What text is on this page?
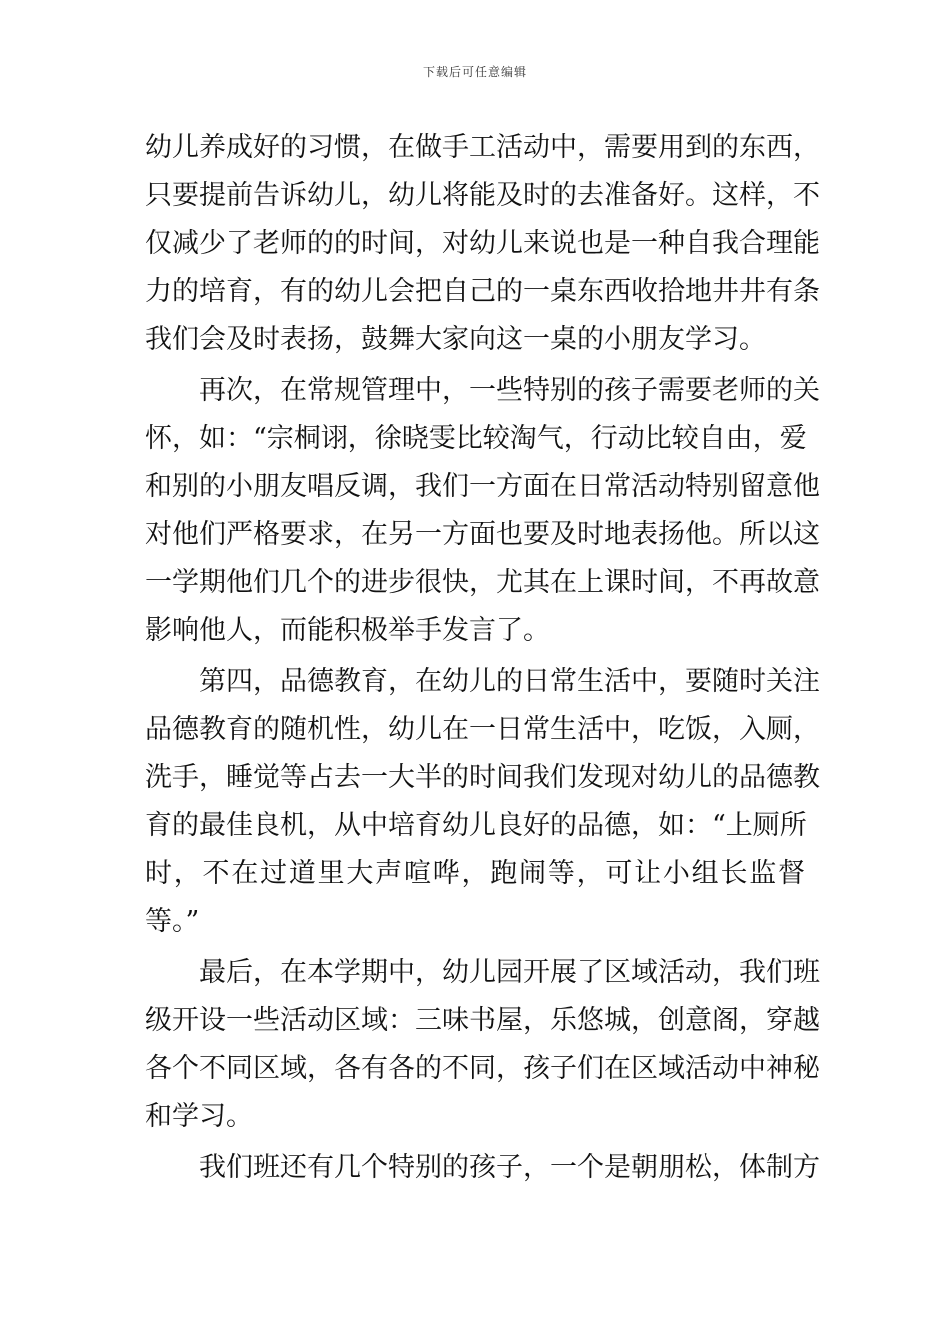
下载后可任意编辑
幼儿养成好的习惯，在做手工活动中，需要用到的东西，
只要提前告诉幼儿，幼儿将能及时的去准备好。这样，不
仅减少了老师的的时间，对幼儿来说也是一种自我合理能
力的培育，有的幼儿会把自己的一桌东西收拾地井井有条
我们会及时表扬，鼓舞大家向这一桌的小朋友学习。
再次，在常规管理中，一些特别的孩子需要老师的关
怀，如：“宗桐诩，徐晓雯比较淘气，行动比较自由，爱
和别的小朋友唱反调，我们一方面在日常活动特别留意他
对他们严格要求，在另一方面也要及时地表扬他。所以这
一学期他们几个的进步很快，尤其在上课时间，不再故意
影响他人，而能积极举手发言了。
第四，品德教育，在幼儿的日常生活中，要随时关注
品德教育的随机性，幼儿在一日常生活中，吃饭，入厕，
洗手，睡觉等占去一大半的时间我们发现对幼儿的品德教
育的最佳良机，从中培育幼儿良好的品德，如：“上厕所
时，不在过道里大声喧哗，跑闹等，可让小组长监督
等。”
最后，在本学期中，幼儿园开展了区域活动，我们班
级开设一些活动区域：三味书屋，乐悠城，创意阁，穿越
各个不同区域，各有各的不同，孩子们在区域活动中神秘
和学习。
我们班还有几个特别的孩子，一个是朝朋松，体制方
